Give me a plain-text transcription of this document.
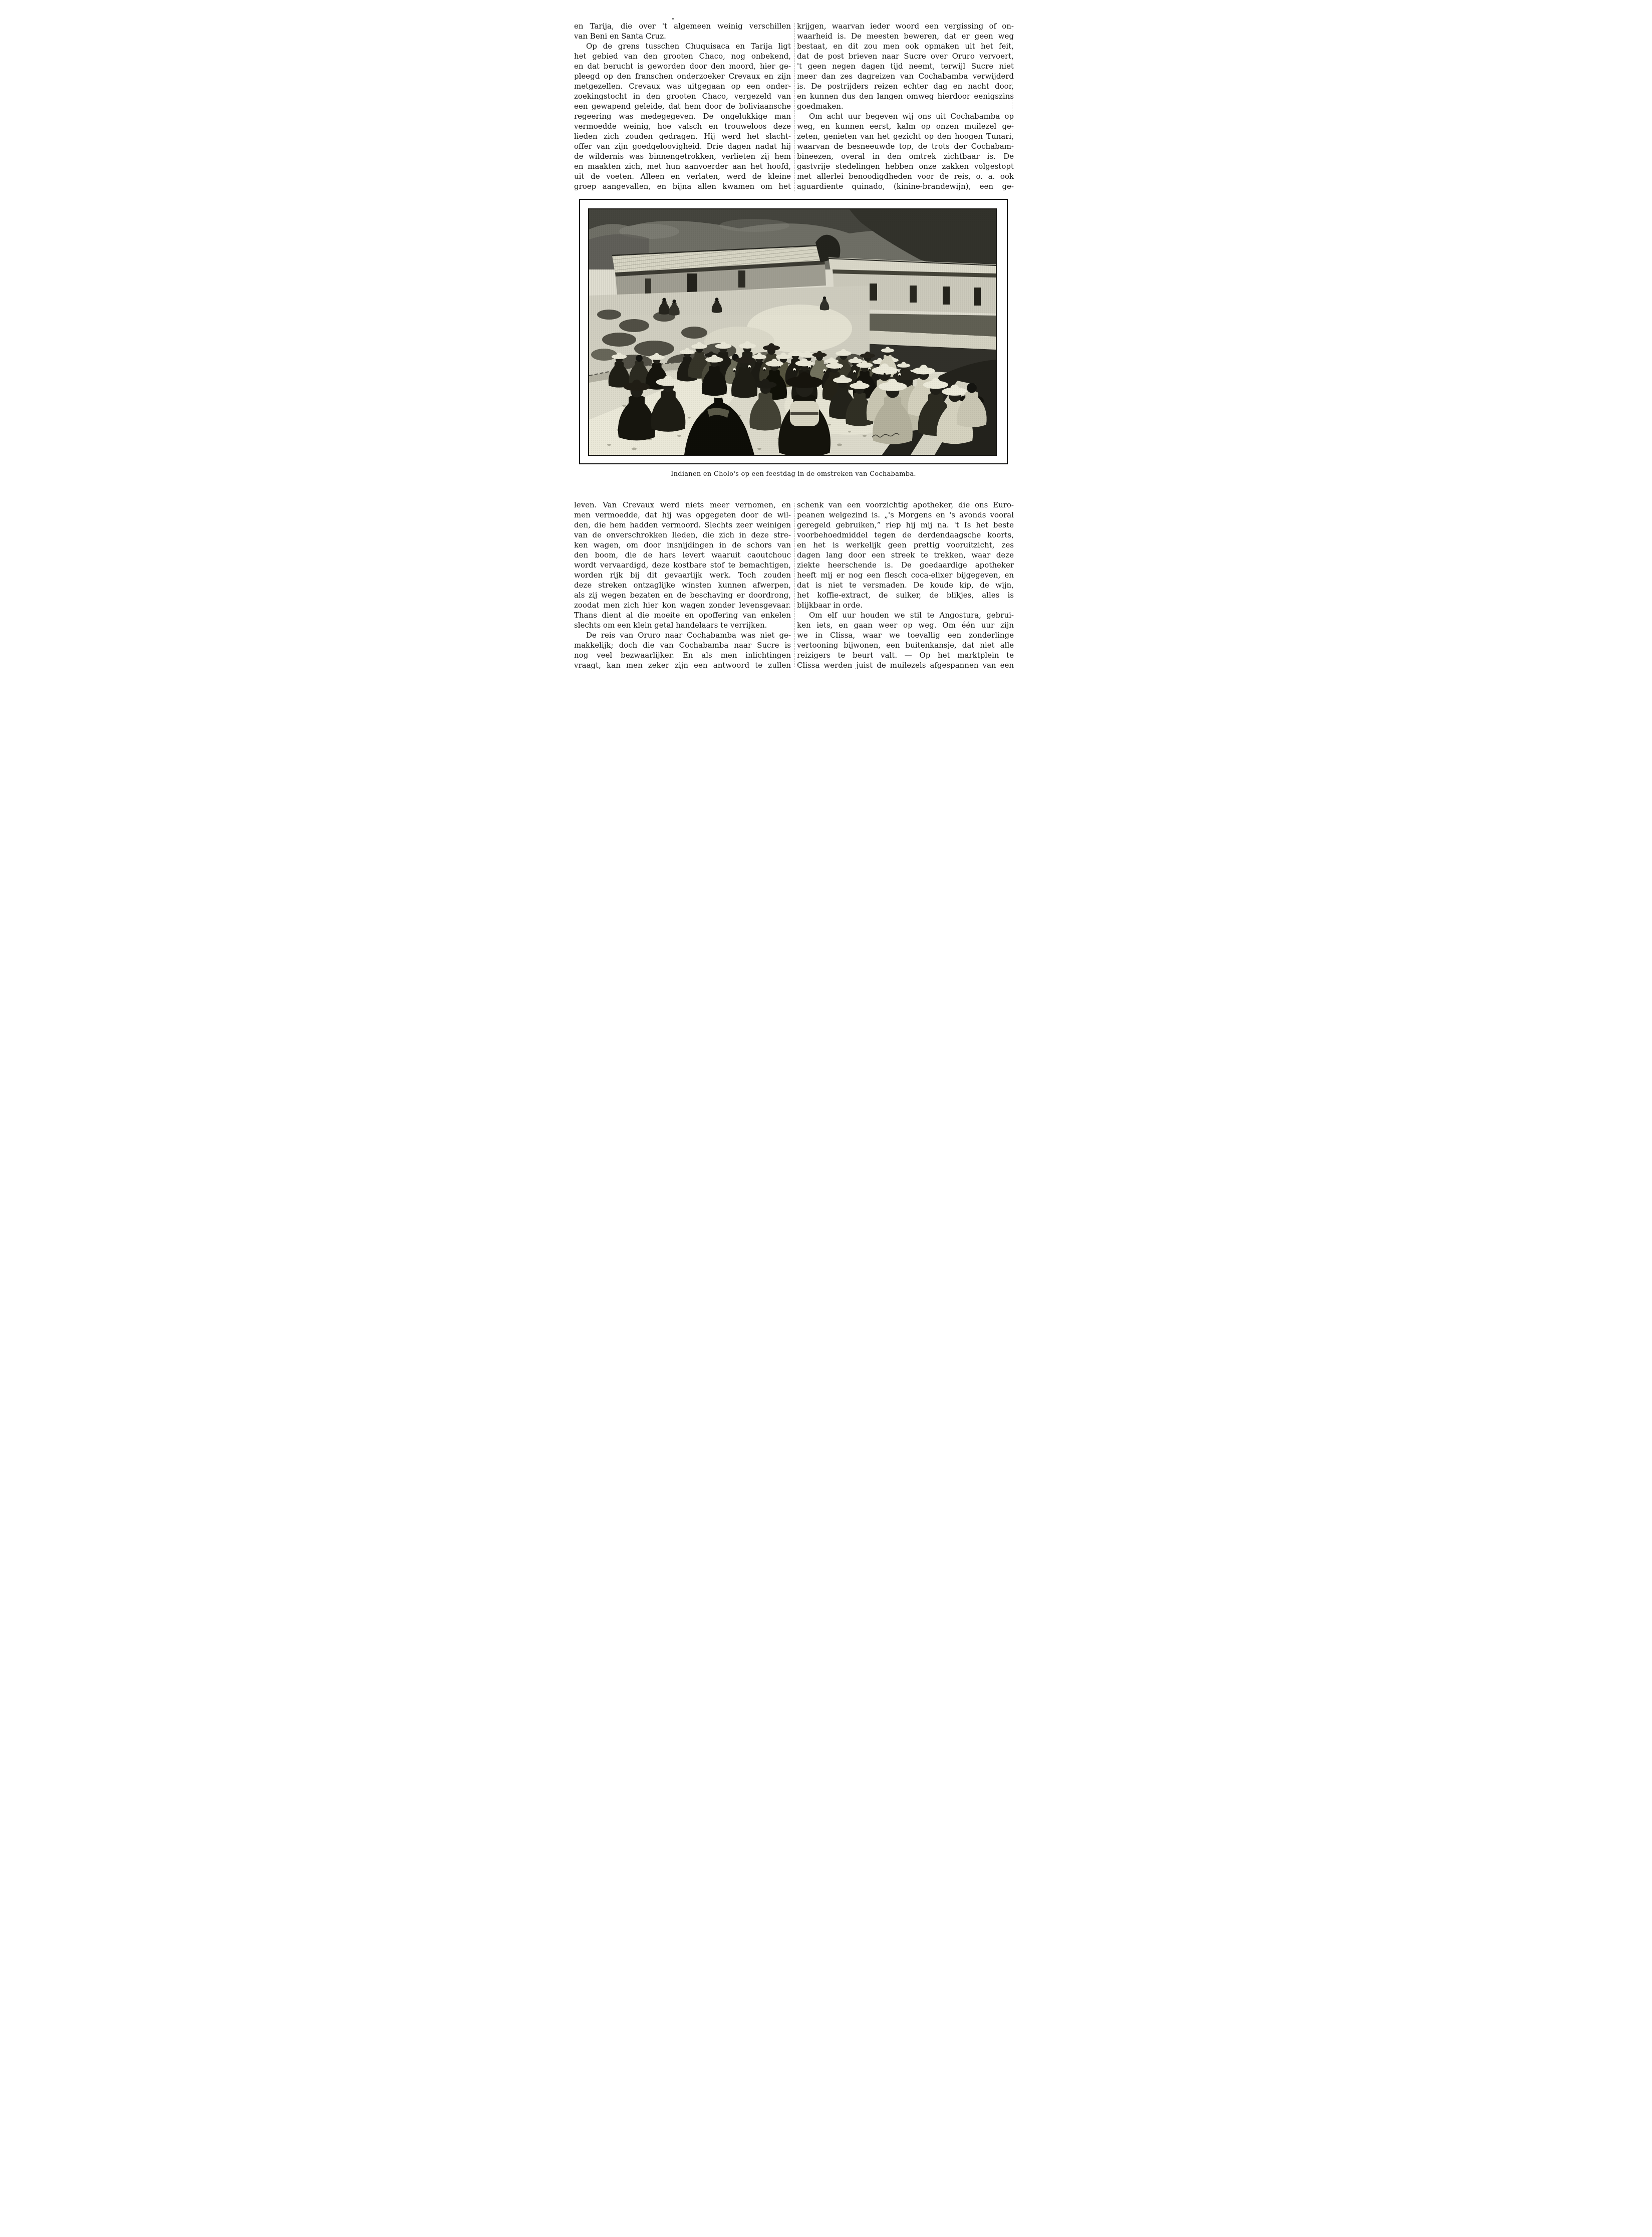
en Tarija, die over 't algemeen weinig verschillen
van Beni en Santa Cruz.
Op de grens tusschen Chuquisaca en Tarija ligt
het gebied van den grooten Chaco, nog onbekend,
en dat berucht is geworden door den moord, hier ge-
pleegd op den franschen onderzoeker Crevaux en zijn
metgezellen. Crevaux was uitgegaan op een onder-
zoekingstocht in den grooten Chaco, vergezeld van
een gewapend geleide, dat hem door de boliviaansche
regeering was medegegeven. De ongelukkige man
vermoedde weinig, hoe valsch en trouweloos deze
lieden zich zouden gedragen. Hij werd het slacht-
offer van zijn goedgeloovigheid. Drie dagen nadat hij
de wildernis was binnengetrokken, verlieten zij hem
en maakten zich, met hun aanvoerder aan het hoofd,
uit de voeten. Alleen en verlaten, werd de kleine
groep aangevallen, en bijna allen kwamen om het
krijgen, waarvan ieder woord een vergissing of on-
waarheid is. De meesten beweren, dat er geen weg
bestaat, en dit zou men ook opmaken uit het feit,
dat de post brieven naar Sucre over Oruro vervoert,
't geen negen dagen tijd neemt, terwijl Sucre niet
meer dan zes dagreizen van Cochabamba verwijderd
is. De postrijders reizen echter dag en nacht door,
en kunnen dus den langen omweg hierdoor eenigszins
goedmaken.
Om acht uur begeven wij ons uit Cochabamba op
weg, en kunnen eerst, kalm op onzen muilezel ge-
zeten, genieten van het gezicht op den hoogen Tunari,
waarvan de besneeuwde top, de trots der Cochabam-
bineezen, overal in den omtrek zichtbaar is. De
gastvrije stedelingen hebben onze zakken volgestopt
met allerlei benoodigdheden voor de reis, o. a. ook
aguardiente quinado, (kinine-brandewijn), een ge-
Indianen en Cholo's op een feestdag in de omstreken van Cochabamba.
leven. Van Crevaux werd niets meer vernomen, en
men vermoedde, dat hij was opgegeten door de wil-
den, die hem hadden vermoord. Slechts zeer weinigen
van de onverschrokken lieden, die zich in deze stre-
ken wagen, om door insnijdingen in de schors van
den boom, die de hars levert waaruit caoutchouc
wordt vervaardigd, deze kostbare stof te bemachtigen,
worden rijk bij dit gevaarlijk werk. Toch zouden
deze streken ontzaglijke winsten kunnen afwerpen,
als zij wegen bezaten en de beschaving er doordrong,
zoodat men zich hier kon wagen zonder levensgevaar.
Thans dient al die moeite en opoffering van enkelen
slechts om een klein getal handelaars te verrijken.
De reis van Oruro naar Cochabamba was niet ge-
makkelijk; doch die van Cochabamba naar Sucre is
nog veel bezwaarlijker. En als men inlichtingen
vraagt, kan men zeker zijn een antwoord te zullen
schenk van een voorzichtig apotheker, die ons Euro-
peanen welgezind is. „'s Morgens en 's avonds vooral
geregeld gebruiken,” riep hij mij na. 't Is het beste
voorbehoedmiddel tegen de derdendaagsche koorts,
en het is werkelijk geen prettig vooruitzicht, zes
dagen lang door een streek te trekken, waar deze
ziekte heerschende is. De goedaardige apotheker
heeft mij er nog een flesch coca-elixer bijgegeven, en
dat is niet te versmaden. De koude kip, de wijn,
het koffie-extract, de suiker, de blikjes, alles is
blijkbaar in orde.
Om elf uur houden we stil te Angostura, gebrui-
ken iets, en gaan weer op weg. Om één uur zijn
we in Clissa, waar we toevallig een zonderlinge
vertooning bijwonen, een buitenkansje, dat niet alle
reizigers te beurt valt. — Op het marktplein te
Clissa werden juist de muilezels afgespannen van een
